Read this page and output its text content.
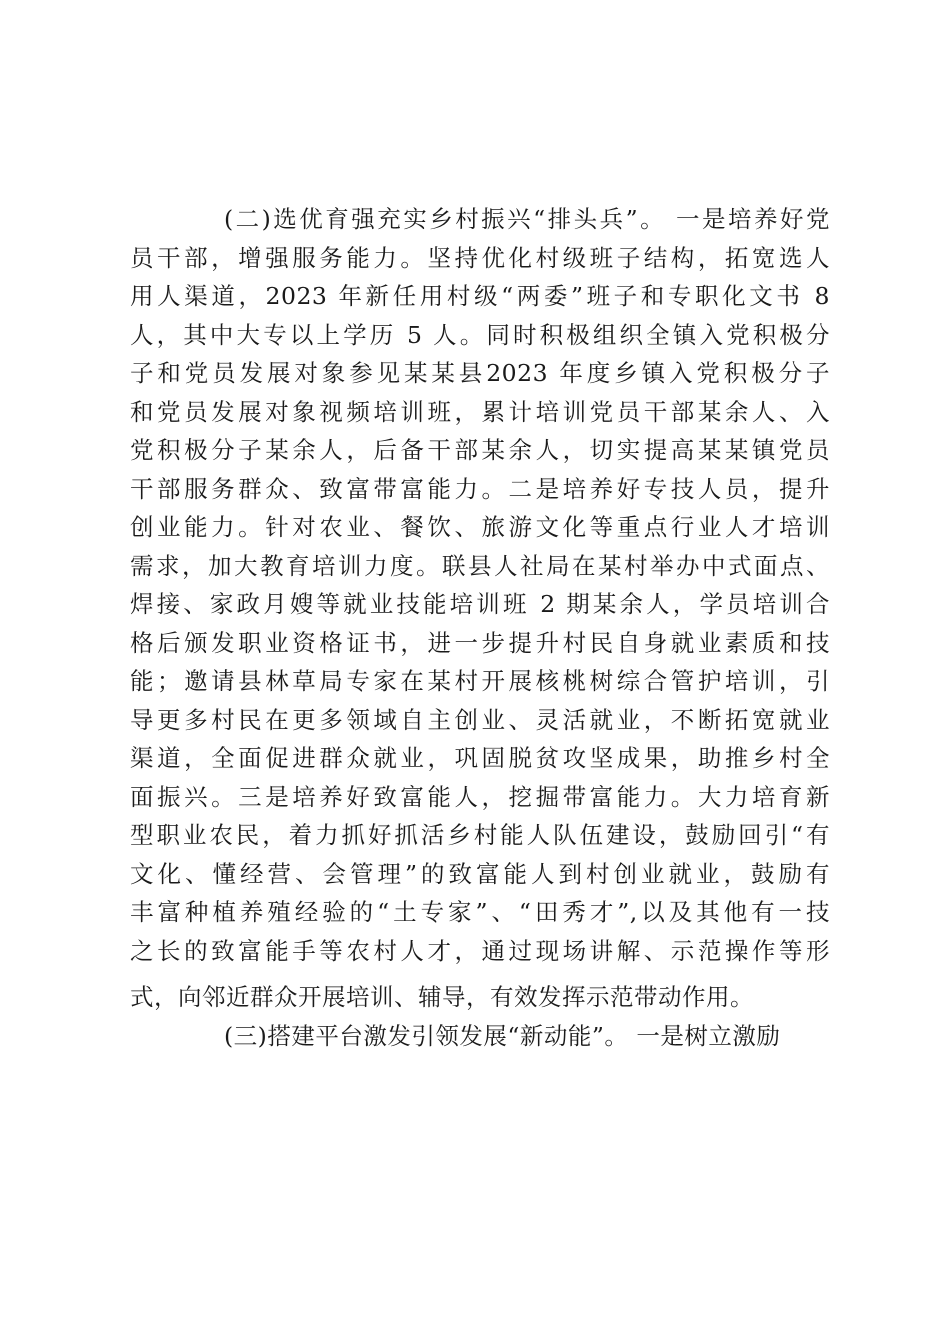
(二)选优育强充实乡村振兴“排头兵”。 一是培养好党
员干部，增强服务能力。坚持优化村级班子结构，拓宽选人
用人渠道，2023 年新任用村级“两委”班子和专职化文书 8
人，其中大专以上学历 5 人。同时积极组织全镇入党积极分
子和党员发展对象参见某某县2023 年度乡镇入党积极分子
和党员发展对象视频培训班，累计培训党员干部某余人、入
党积极分子某余人，后备干部某余人，切实提高某某镇党员
干部服务群众、致富带富能力。二是培养好专技人员，提升
创业能力。针对农业、餐饮、旅游文化等重点行业人才培训
需求，加大教育培训力度。联县人社局在某村举办中式面点、
焊接、家政月嫂等就业技能培训班 2 期某余人，学员培训合
格后颁发职业资格证书，进一步提升村民自身就业素质和技
能；邀请县林草局专家在某村开展核桃树综合管护培训，引
导更多村民在更多领域自主创业、灵活就业，不断拓宽就业
渠道，全面促进群众就业，巩固脱贫攻坚成果，助推乡村全
面振兴。三是培养好致富能人，挖掘带富能力。大力培育新
型职业农民，着力抓好抓活乡村能人队伍建设，鼓励回引“有
文化、懂经营、会管理”的致富能人到村创业就业，鼓励有
丰富种植养殖经验的“土专家”、“田秀才”,以及其他有一技
之长的致富能手等农村人才，通过现场讲解、示范操作等形
式，向邻近群众开展培训、辅导，有效发挥示范带动作用。
(三)搭建平台激发引领发展“新动能”。 一是树立激励
